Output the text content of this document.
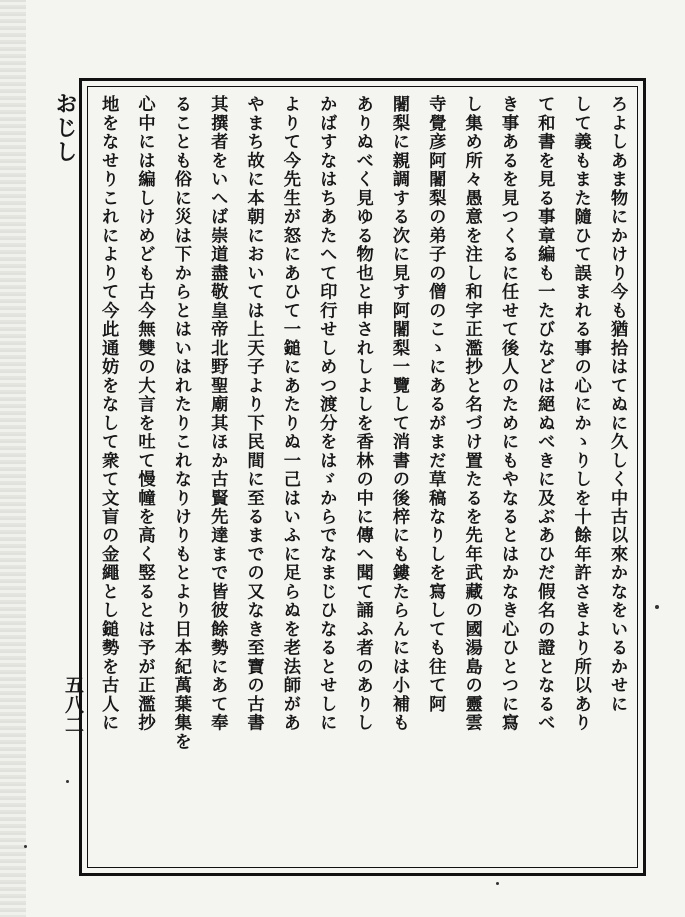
おじし
五八二	ろよしあま物にかけり今も猶拾はてぬに久しく中古以來かなをいるかせに
して義もまた隨ひて誤まれる事の心にかゝりしを十餘年許さきより所以あり
て和書を見る事章編も一たびなどは絕ぬべきに及ぶあひだ假名の證となるべ
き事あるを見つくるに任せて後人のためにもやなるとはかなき心ひとつに寫
し集め所々愚意を注し和字正濫抄と名づけ置たるを先年武藏の國湯島の靈雲
寺覺彦阿闍梨の弟子の僧のこゝにあるがまだ草稿なりしを寫しても往て阿
闍梨に親調する次に見す阿闍梨一覽して消書の後梓にも鏤たらんには小補も
ありぬべく見ゆる物也と申されしよしを香林の中に傳へ聞て誦ふ者のありし
かばすなはちあたへて印行せしめつ渡分をはゞからでなまじひなるとせしに
よりて今先生が怒にあひて一鎚にあたりぬ一己はいふに足らぬを老法師があ
やまち故に本朝においては上天子より下民間に至るまでの又なき至寶の古書
其撰者をいへば崇道盡敬皇帝北野聖廟其ほか古賢先達まで皆彼餘勢にあて奉
ることも俗に災は下からとはいはれたりこれなりけりもとより日本紀萬葉集を
心中には編しけめども古今無雙の大言を吐て慢幢を高く竪るとは予が正濫抄
地をなせりこれによりて今此通妨をなして衆て文盲の金繩とし鎚勢を古人に
